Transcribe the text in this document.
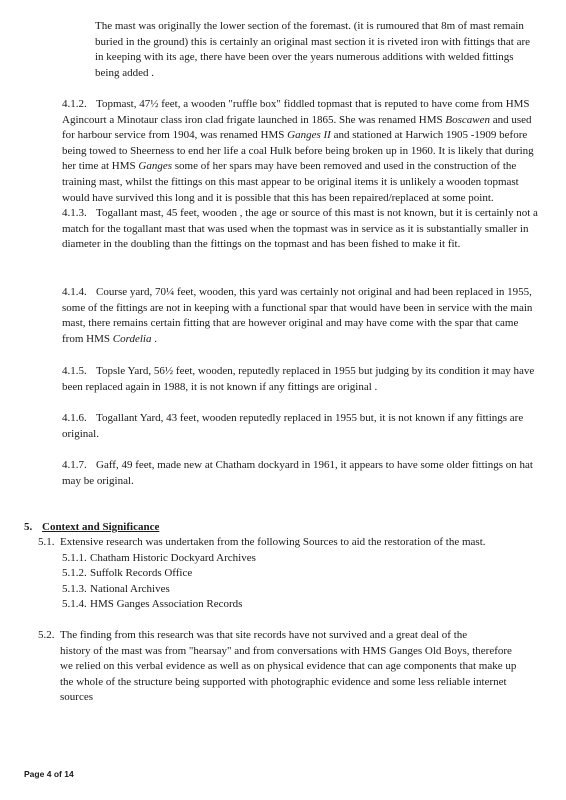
The mast was originally the lower section of the foremast. (it is rumoured that 8m of mast remain buried in the ground) this is certainly an original mast section it is riveted iron with fittings that are in keeping with its age, there have been over the years numerous additions with welded fittings being added .

4.1.2. Topmast, 47½ feet, a wooden "ruffle box" fiddled topmast that is reputed to have come from HMS Agincourt a Minotaur class iron clad frigate launched in 1865. She was renamed HMS Boscawen and used for harbour service from 1904, was renamed HMS Ganges II and stationed at Harwich 1905 -1909 before being towed to Sheerness to end her life a coal Hulk before being broken up in 1960. It is likely that during her time at HMS Ganges some of her spars may have been removed and used in the construction of the training mast, whilst the fittings on this mast appear to be original items it is unlikely a wooden topmast would have survived this long and it is possible that this has been repaired/replaced at some point.
4.1.3. Togallant mast, 45 feet, wooden , the age or source of this mast is not known, but it is certainly not a match for the togallant mast that was used when the topmast was in service as it is substantially smaller in diameter in the doubling than the fittings on the topmast and has been fished to make it fit.
4.1.4. Course yard, 70¼ feet, wooden, this yard was certainly not original and had been replaced in 1955, some of the fittings are not in keeping with a functional spar that would have been in service with the main mast, there remains certain fitting that are however original and may have come with the spar that came from HMS Cordelia .
4.1.5. Topsle Yard, 56½ feet, wooden, reputedly replaced in 1955 but judging by its condition it may have been replaced again in 1988, it is not known if any fittings are original .
4.1.6. Togallant Yard, 43 feet, wooden reputedly replaced in 1955 but, it is not known if any fittings are original.
4.1.7. Gaff, 49 feet, made new at Chatham dockyard in 1961, it appears to have some older fittings on hat may be original.
5. Context and Significance
5.1. Extensive research was undertaken from the following Sources to aid the restoration of the mast.
5.1.1. Chatham Historic Dockyard Archives
5.1.2. Suffolk Records Office
5.1.3. National Archives
5.1.4. HMS Ganges Association Records
5.2. The finding from this research was that site records have not survived and a great deal of the
history of the mast was from "hearsay" and from conversations with HMS Ganges Old Boys, therefore we relied on this verbal evidence as well as on physical evidence that can age components that make up the whole of the structure being supported with photographic evidence and some less reliable internet sources
Page 4 of 14
